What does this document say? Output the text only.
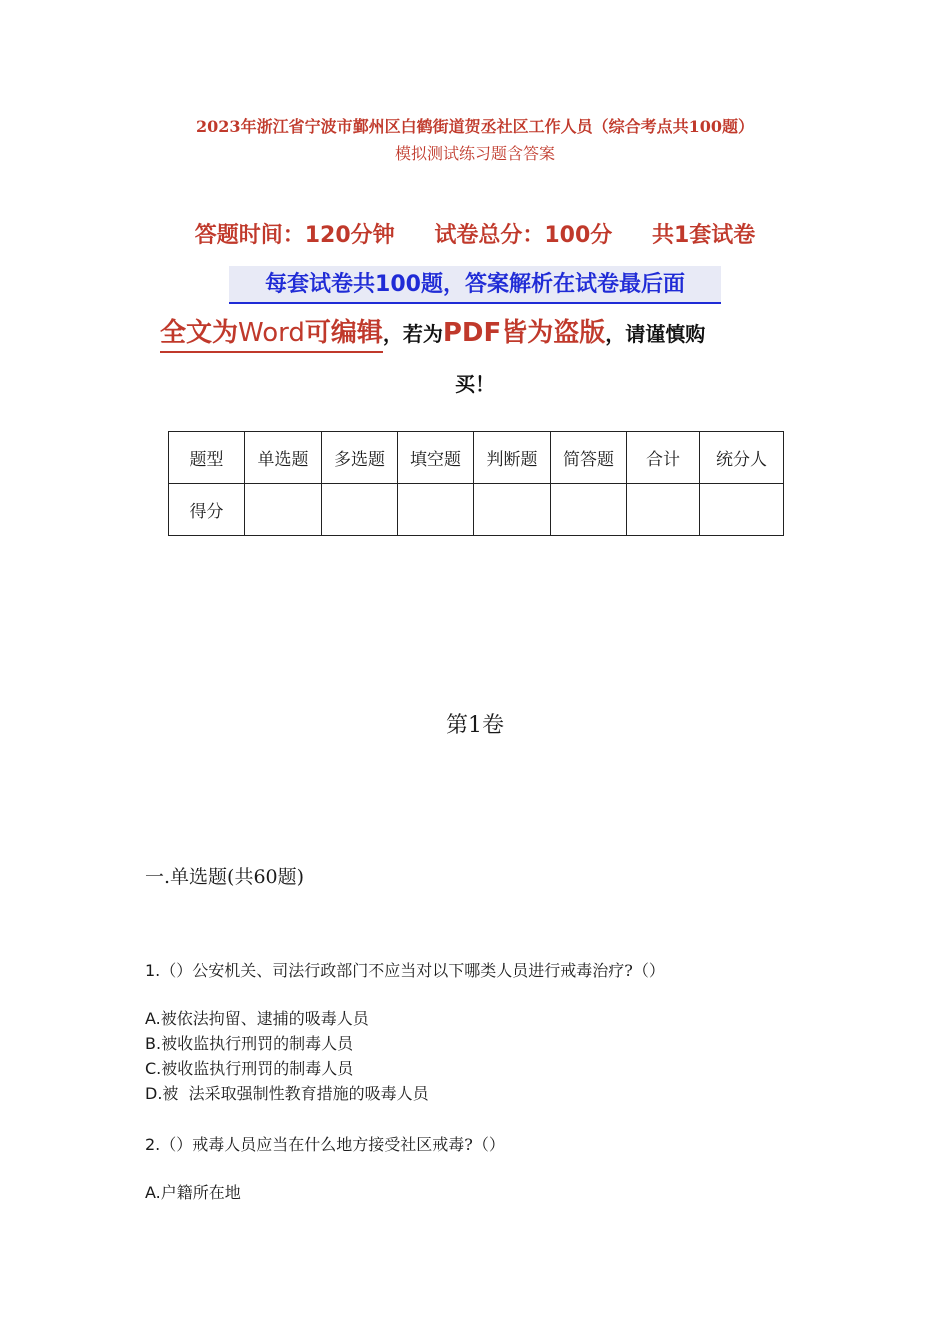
2023年浙江省宁波市鄞州区白鹤街道贺丞社区工作人员（综合考点共100题）
模拟测试练习题含答案
答题时间：120分钟 试卷总分：100分 共1套试卷
每套试卷共100题，答案解析在试卷最后面
全文为Word可编辑，若为PDF皆为盗版，请谨慎购
买！
题型	单选题	多选题	填空题	判断题	简答题	合计	统分人
得分							
第1卷
一.单选题(共60题)
1.（）公安机关、司法行政部门不应当对以下哪类人员进行戒毒治疗?（）
A.被依法拘留、逮捕的吸毒人员
B.被收监执行刑罚的制毒人员
C.被收监执行刑罚的制毒人员
D.被  法采取强制性教育措施的吸毒人员
2.（）戒毒人员应当在什么地方接受社区戒毒?（）
A.户籍所在地
